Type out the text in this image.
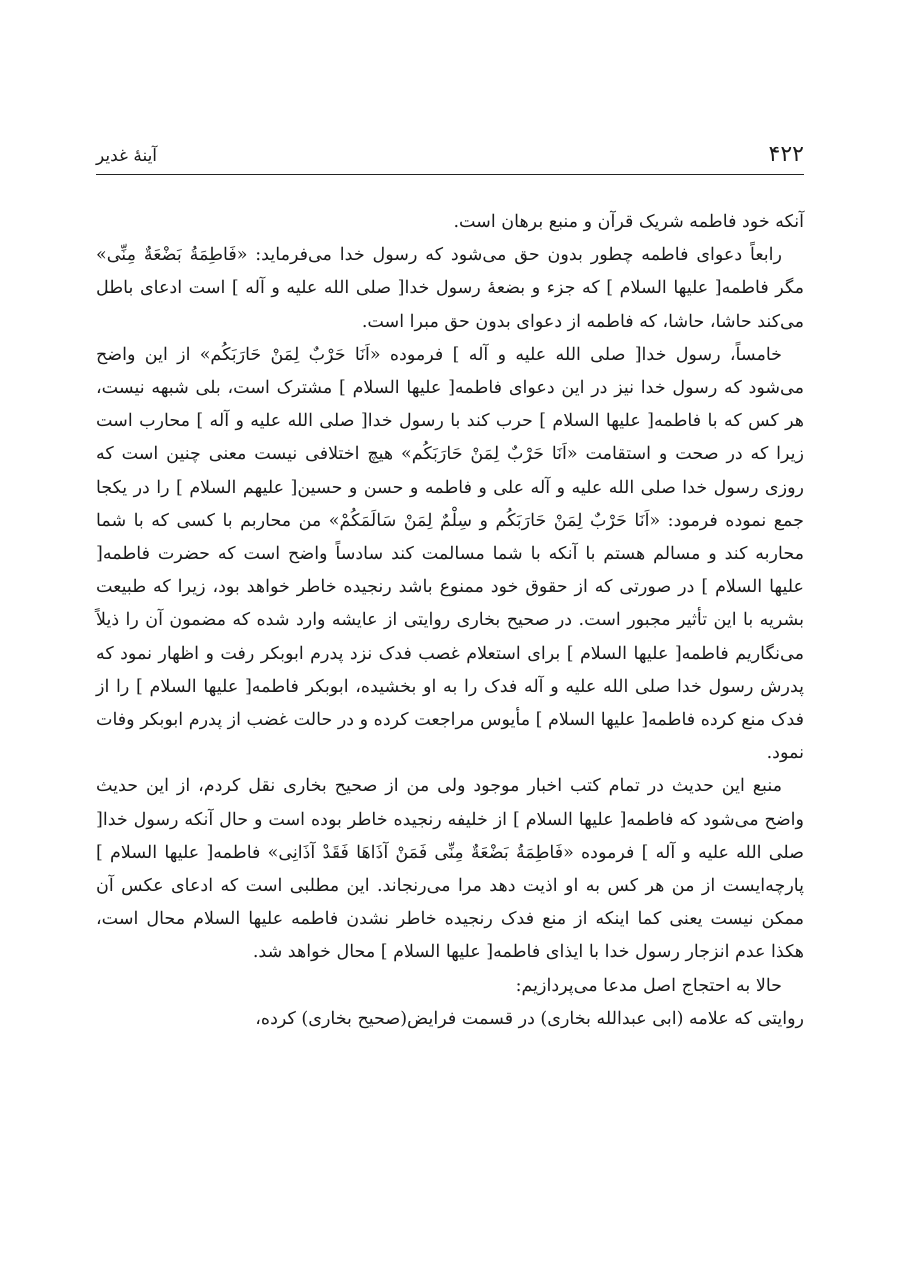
۴۲۲
آینهٔ غدیر

آنکه خود فاطمه شریک قرآن و منبع برهان است.

رابعاً دعوای فاطمه چطور بدون حق می‌شود که رسول خدا می‌فرماید: «فَاطِمَةُ بَضْعَةٌ مِنِّی» مگر فاطمه[ علیها السلام ] که جزء و بضعهٔ رسول خدا[ صلی الله علیه و آله ] است ادعای باطل می‌کند حاشا، حاشا، که فاطمه از دعوای بدون حق مبرا است.

خامساً، رسول خدا[ صلی الله علیه و آله ] فرموده «اَنَا حَرْبٌ لِمَنْ حَارَبَكُم» از این واضح می‌شود که رسول خدا نیز در این دعوای فاطمه[ علیها السلام ] مشترک است، بلی شبهه نیست، هر کس که با فاطمه[ علیها السلام ] حرب کند با رسول خدا[ صلی الله علیه و آله ] محارب است زیرا که در صحت و استقامت «اَنَا حَرْبٌ لِمَنْ حَارَبَكُم» هیچ اختلافی نیست معنی چنین است که روزی رسول خدا صلی الله علیه و آله علی و فاطمه و حسن و حسین[ علیهم السلام ] را در یکجا جمع نموده فرمود: «اَنَا حَرْبٌ لِمَنْ حَارَبَكُم و سِلْمٌ لِمَنْ سَالَمَكُمْ» من محاربم با کسی که با شما محاربه کند و مسالم هستم با آنکه با شما مسالمت کند سادساً واضح است که حضرت فاطمه[ علیها السلام ] در صورتی که از حقوق خود ممنوع باشد رنجیده خاطر خواهد بود، زیرا که طبیعت بشریه با این تأثیر مجبور است. در صحیح بخاری روایتی از عایشه وارد شده که مضمون آن را ذیلاً می‌نگاریم فاطمه[ علیها السلام ] برای استعلام غصب فدک نزد پدرم ابوبکر رفت و اظهار نمود که پدرش رسول خدا صلی الله علیه و آله فدک را به او بخشیده، ابوبکر فاطمه[ علیها السلام ] را از فدک منع کرده فاطمه[ علیها السلام ] مأیوس مراجعت کرده و در حالت غضب از پدرم ابوبکر وفات نمود.

منبع این حدیث در تمام کتب اخبار موجود ولی من از صحیح بخاری نقل کردم، از این حدیث واضح می‌شود که فاطمه[ علیها السلام ] از خلیفه رنجیده خاطر بوده است و حال آنکه رسول خدا[ صلی الله علیه و آله ] فرموده «فَاطِمَةُ بَضْعَةٌ مِنِّی فَمَنْ آذَاهَا فَقَدْ آذَانِی» فاطمه[ علیها السلام ] پارچه‌ایست از من هر کس به او اذیت دهد مرا می‌رنجاند. این مطلبی است که ادعای عکس آن ممکن نیست یعنی کما اینکه از منع فدک رنجیده خاطر نشدن فاطمه علیها السلام محال است، هکذا عدم انزجار رسول خدا با ایذای فاطمه[ علیها السلام ] محال خواهد شد.

حالا به احتجاج اصل مدعا می‌پردازیم:

روایتی که علامه (ابی عبدالله بخاری) در قسمت فرایض(صحیح بخاری) کرده،
